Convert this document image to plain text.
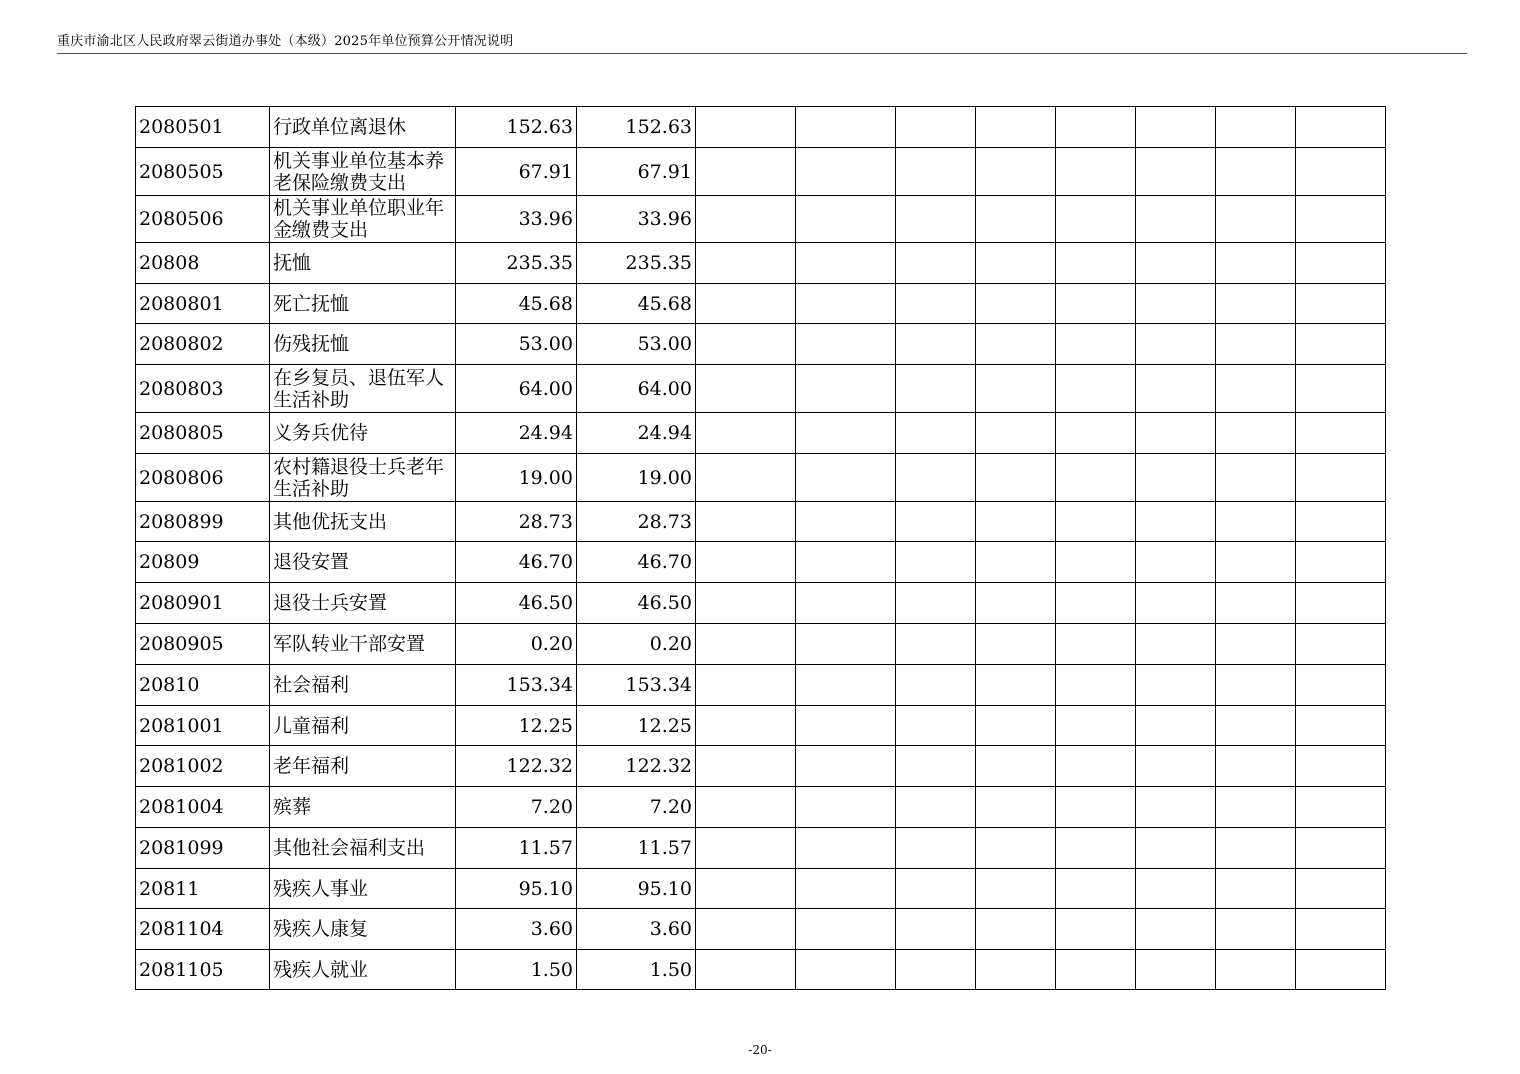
重庆市渝北区人民政府翠云街道办事处（本级）2025年单位预算公开情况说明
2080501	行政单位离退休	152.63	152.63								
2080505	机关事业单位基本养老保险缴费支出	67.91	67.91								
2080506	机关事业单位职业年金缴费支出	33.96	33.96								
20808	抚恤	235.35	235.35								
2080801	死亡抚恤	45.68	45.68								
2080802	伤残抚恤	53.00	53.00								
2080803	在乡复员、退伍军人生活补助	64.00	64.00								
2080805	义务兵优待	24.94	24.94								
2080806	农村籍退役士兵老年生活补助	19.00	19.00								
2080899	其他优抚支出	28.73	28.73								
20809	退役安置	46.70	46.70								
2080901	退役士兵安置	46.50	46.50								
2080905	军队转业干部安置	0.20	0.20								
20810	社会福利	153.34	153.34								
2081001	儿童福利	12.25	12.25								
2081002	老年福利	122.32	122.32								
2081004	殡葬	7.20	7.20								
2081099	其他社会福利支出	11.57	11.57								
20811	残疾人事业	95.10	95.10								
2081104	残疾人康复	3.60	3.60								
2081105	残疾人就业	1.50	1.50								
-20-
